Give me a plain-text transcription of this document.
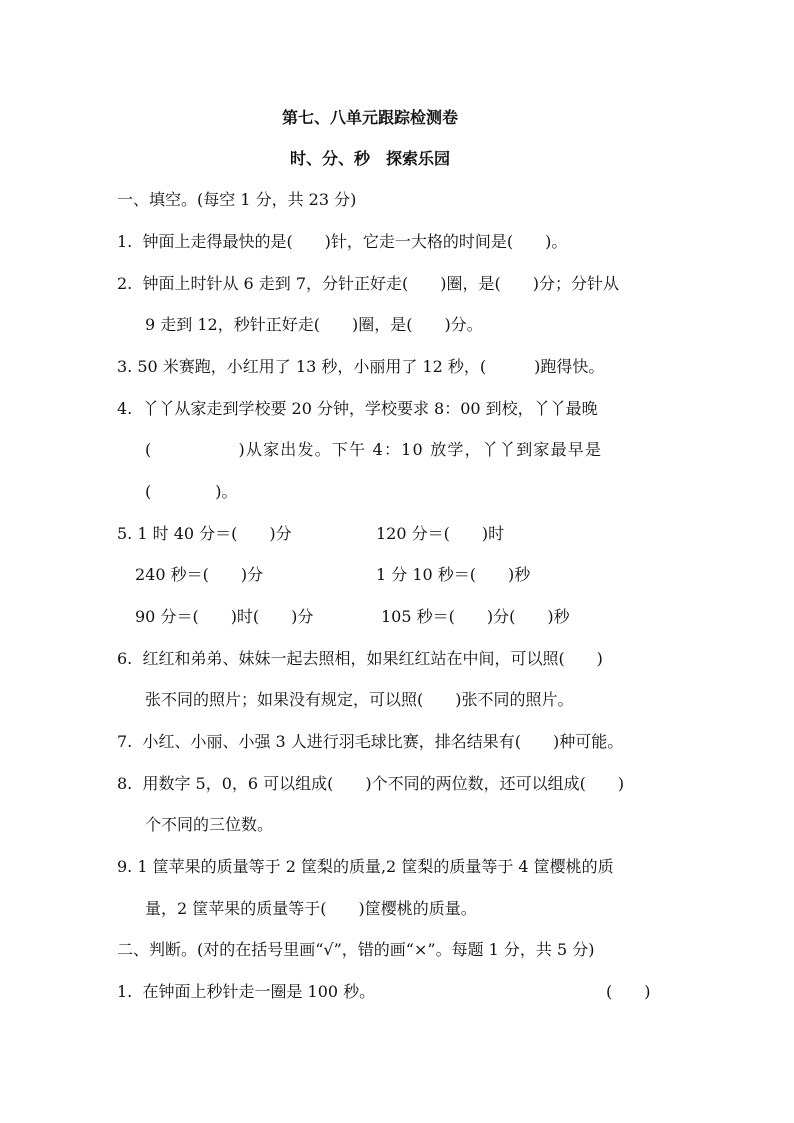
第七、八单元跟踪检测卷
时、分、秒　探索乐园
一、填空。(每空 1 分，共 23 分)
1.  钟面上走得最快的是(　　)针，它走一大格的时间是(　　)。
2.  钟面上时针从 6 走到 7，分针正好走(　　)圈，是(　　)分；分针从
9 走到 12，秒针正好走(　　)圈，是(　　)分。
3. 50 米赛跑，小红用了 13 秒，小丽用了 12 秒，(　　　)跑得快。
4.  丫丫从家走到学校要 20 分钟，学校要求 8：00 到校，丫丫最晚
(　　　　　)从家出发。下午 4：10 放学，丫丫到家最早是
(　　　　)。
5. 1 时 40 分＝(　　)分	120 分＝(　　)时
240 秒＝(　　)分	1 分 10 秒＝(　　)秒
90 分＝(　　)时(　　)分	105 秒＝(　　)分(　　)秒
6.  红红和弟弟、妹妹一起去照相，如果红红站在中间，可以照(　　)
张不同的照片；如果没有规定，可以照(　　)张不同的照片。
7.  小红、小丽、小强 3 人进行羽毛球比赛，排名结果有(　　)种可能。
8.  用数字 5，0，6 可以组成(　　)个不同的两位数，还可以组成(　　)
个不同的三位数。
9. 1 筐苹果的质量等于 2 筐梨的质量,2 筐梨的质量等于 4 筐樱桃的质
量，2 筐苹果的质量等于(　　)筐樱桃的质量。
二、判断。(对的在括号里画“√”，错的画“×”。每题 1 分，共 5 分)
1.  在钟面上秒针走一圈是 100 秒。	(　　)
